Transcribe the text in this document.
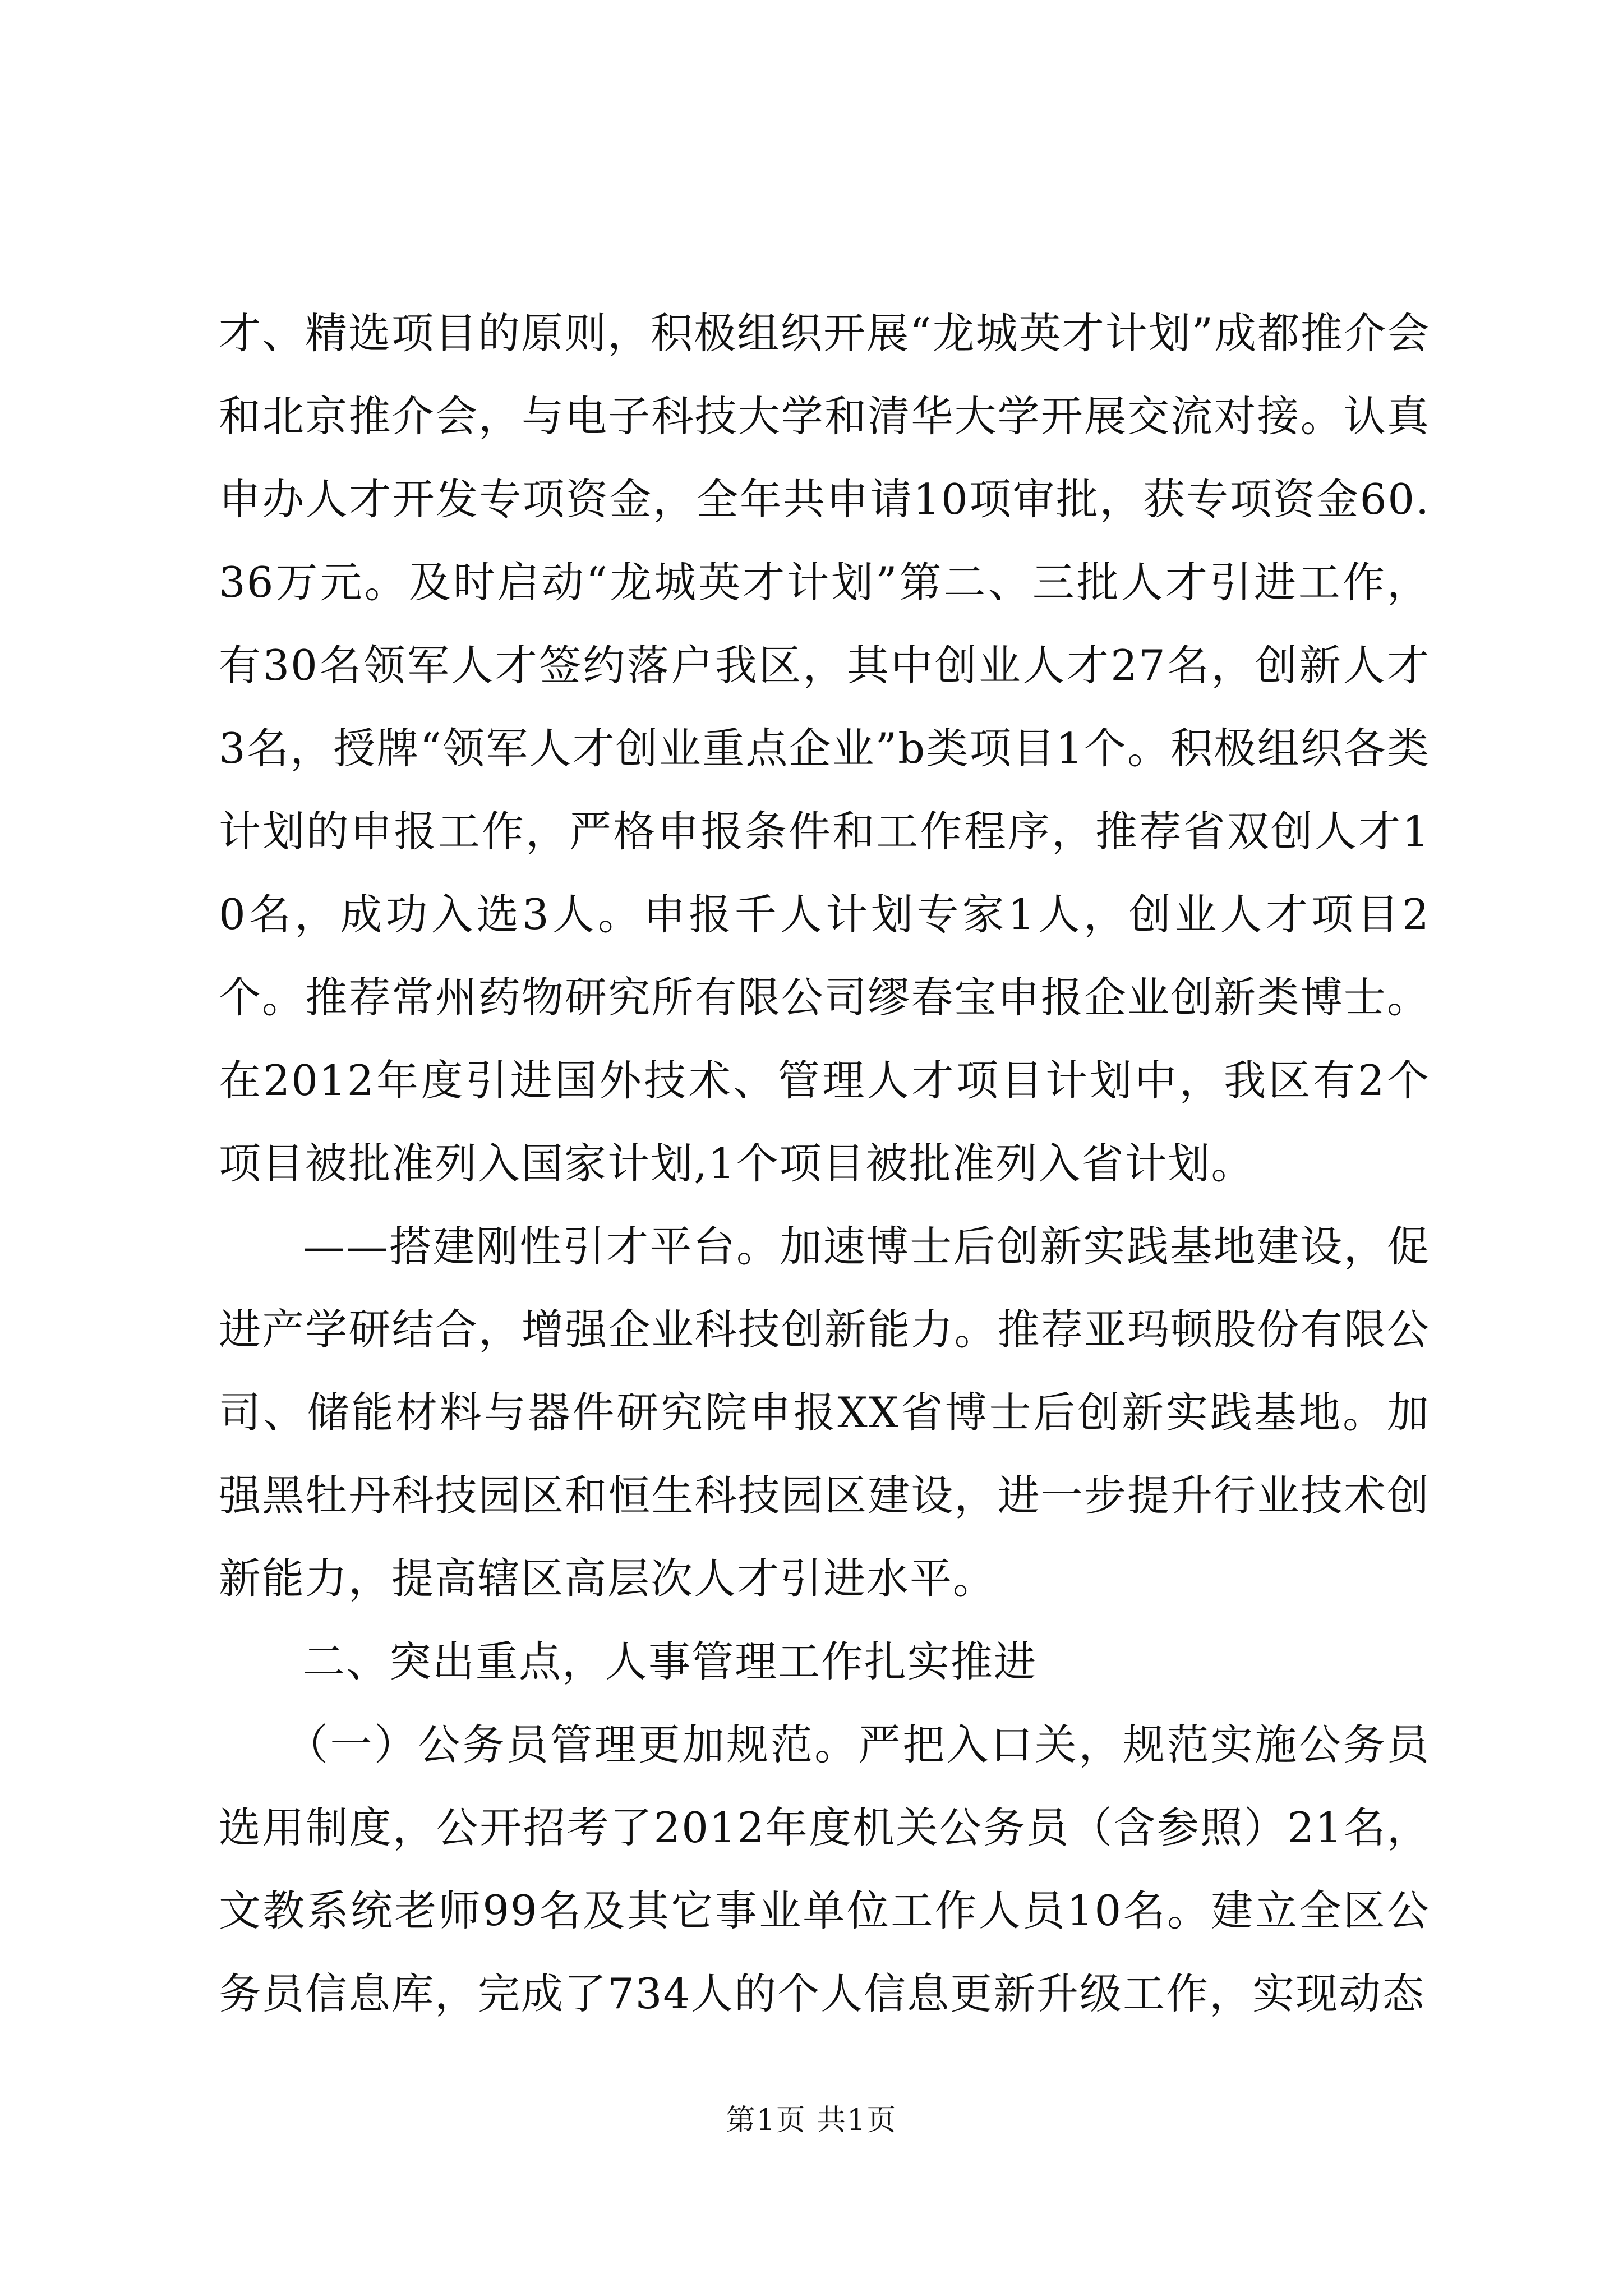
才、精选项目的原则，积极组织开展“龙城英才计划”成都推介会和北京推介会，与电子科技大学和清华大学开展交流对接。认真申办人才开发专项资金，全年共申请10项审批，获专项资金60.36万元。及时启动“龙城英才计划”第二、三批人才引进工作，有30名领军人才签约落户我区，其中创业人才27名，创新人才3名，授牌“领军人才创业重点企业”b类项目1个。积极组织各类计划的申报工作，严格申报条件和工作程序，推荐省双创人才10名，成功入选3人。申报千人计划专家1人，创业人才项目2个。推荐常州药物研究所有限公司缪春宝申报企业创新类博士。在2012年度引进国外技术、管理人才项目计划中，我区有2个项目被批准列入国家计划,1个项目被批准列入省计划。

——搭建刚性引才平台。加速博士后创新实践基地建设，促进产学研结合，增强企业科技创新能力。推荐亚玛顿股份有限公司、储能材料与器件研究院申报XX省博士后创新实践基地。加强黑牡丹科技园区和恒生科技园区建设，进一步提升行业技术创新能力，提高辖区高层次人才引进水平。

二、突出重点，人事管理工作扎实推进

（一）公务员管理更加规范。严把入口关，规范实施公务员选用制度，公开招考了2012年度机关公务员（含参照）21名，文教系统老师99名及其它事业单位工作人员10名。建立全区公务员信息库，完成了734人的个人信息更新升级工作，实现动态

第1页 共1页
